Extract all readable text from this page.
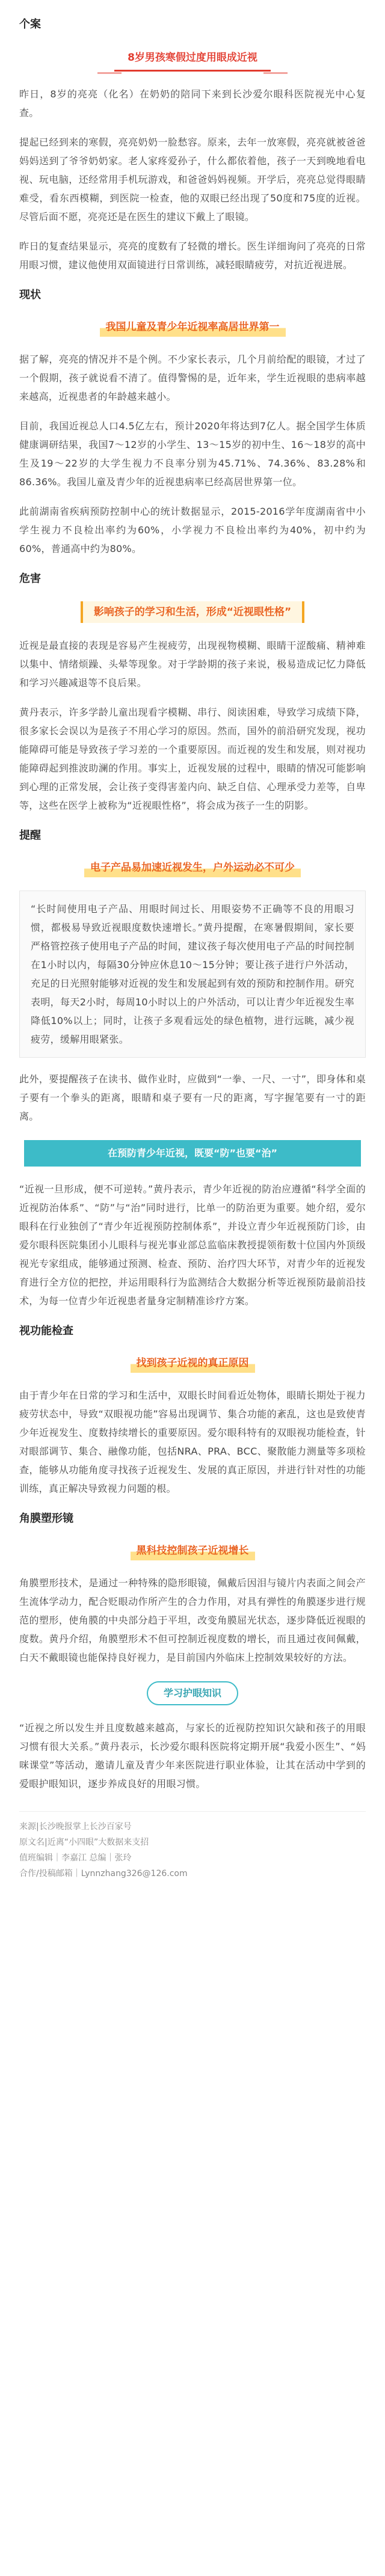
个案
8岁男孩寒假过度用眼成近视

昨日，8岁的亮亮（化名）在奶奶的陪同下来到长沙爱尔眼科医院视光中心复查。

提起已经到来的寒假，亮亮奶奶一脸愁容。原来，去年一放寒假，亮亮就被爸爸妈妈送到了爷爷奶奶家。老人家疼爱孙子，什么都依着他，孩子一天到晚地看电视、玩电脑，还经常用手机玩游戏，和爸爸妈妈视频。开学后，亮亮总觉得眼睛难受，看东西模糊，到医院一检查，他的双眼已经出现了50度和75度的近视。尽管后面不愿，亮亮还是在医生的建议下戴上了眼镜。

昨日的复查结果显示，亮亮的度数有了轻微的增长。医生详细询问了亮亮的日常用眼习惯，建议他使用双面镜进行日常训练，减轻眼睛疲劳，对抗近视进展。

现状
我国儿童及青少年近视率高居世界第一

据了解，亮亮的情况并不是个例。不少家长表示，几个月前给配的眼镜，才过了一个假期，孩子就说看不清了。值得警惕的是，近年来，学生近视眼的患病率越来越高，近视患者的年龄越来越小。

目前，我国近视总人口4.5亿左右，预计2020年将达到7亿人。据全国学生体质健康调研结果，我国7～12岁的小学生、13～15岁的初中生、16～18岁的高中生及19～22岁的大学生视力不良率分别为45.71%、74.36%、83.28%和86.36%。我国儿童及青少年的近视患病率已经高居世界第一位。

此前湖南省疾病预防控制中心的统计数据显示，2015-2016学年度湖南省中小学生视力不良检出率约为60%，小学视力不良检出率约为40%，初中约为60%，普通高中约为80%。

危害
影响孩子的学习和生活，形成“近视眼性格”

近视是最直接的表现是容易产生视疲劳，出现视物模糊、眼睛干涩酸痛、精神难以集中、情绪烦躁、头晕等现象。对于学龄期的孩子来说，极易造成记忆力降低和学习兴趣减退等不良后果。

黄丹表示，许多学龄儿童出现看字模糊、串行、阅读困难，导致学习成绩下降，很多家长会误以为是孩子不用心学习的原因。然而，国外的前沿研究发现，视功能障碍可能是导致孩子学习差的一个重要原因。而近视的发生和发展，则对视功能障碍起到推波助澜的作用。事实上，近视发展的过程中，眼睛的情况可能影响到心理的正常发展，会让孩子变得害羞内向、缺乏自信、心理承受力差等，自卑等，这些在医学上被称为“近视眼性格”，将会成为孩子一生的阴影。

提醒
电子产品易加速近视发生，户外运动必不可少

“长时间使用电子产品、用眼时间过长、用眼姿势不正确等不良的用眼习惯，都极易导致近视眼度数快速增长。”黄丹提醒，在寒暑假期间，家长要严格管控孩子使用电子产品的时间，建议孩子每次使用电子产品的时间控制在1小时以内，每隔30分钟应休息10～15分钟；要让孩子进行户外活动，充足的日光照射能够对近视的发生和发展起到有效的预防和控制作用。研究表明，每天2小时，每周10小时以上的户外活动，可以让青少年近视发生率降低10%以上；同时，让孩子多观看远处的绿色植物，进行远眺，减少视疲劳，缓解用眼紧张。

此外，要提醒孩子在读书、做作业时，应做到“一拳、一尺、一寸”，即身体和桌子要有一个拳头的距离，眼睛和桌子要有一尺的距离，写字握笔要有一寸的距离。

在预防青少年近视，既要“防”也要“治”

“近视一旦形成，便不可逆转。”黄丹表示，青少年近视的防治应遵循“科学全面的近视防治体系”、“防”与“治”同时进行，比单一的防治更为重要。她介绍，爱尔眼科在行业独创了“青少年近视预防控制体系”，并设立青少年近视预防门诊，由爱尔眼科医院集团小儿眼科与视光事业部总监临床教授提领衔数十位国内外顶级视光专家组成，能够通过预测、检查、预防、治疗四大环节，对青少年的近视发育进行全方位的把控，并运用眼科行为监测结合大数据分析等近视预防最前沿技术，为每一位青少年近视患者量身定制精准诊疗方案。

视功能检查
找到孩子近视的真正原因

由于青少年在日常的学习和生活中，双眼长时间看近处物体，眼睛长期处于视力疲劳状态中，导致“双眼视功能”容易出现调节、集合功能的紊乱，这也是致使青少年近视发生、度数持续增长的重要原因。爱尔眼科特有的双眼视功能检查，针对眼部调节、集合、融像功能，包括NRA、PRA、BCC、聚散能力测量等多项检查，能够从功能角度寻找孩子近视发生、发展的真正原因，并进行针对性的功能训练，真正解决导致视力问题的根。

角膜塑形镜
黑科技控制孩子近视增长

角膜塑形技术，是通过一种特殊的隐形眼镜，佩戴后因泪与镜片内表面之间会产生流体学动力，配合贬眼动作所产生的合力作用，对具有弹性的角膜逐步进行规范的塑形，使角膜的中央部分趋于平坦，改变角膜屈光状态，逐步降低近视眼的度数。黄丹介绍，角膜塑形术不但可控制近视度数的增长，而且通过夜间佩戴，白天不戴眼镜也能保持良好视力，是目前国内外临床上控制效果较好的方法。

学习护眼知识

“近视之所以发生并且度数越来越高，与家长的近视防控知识欠缺和孩子的用眼习惯有很大关系。”黄丹表示，长沙爱尔眼科医院将定期开展“我爱小医生”、“妈咪课堂”等活动，邀请儿童及青少年来医院进行职业体验，让其在活动中学到的爱眼护眼知识，逐步养成良好的用眼习惯。

来源|长沙晚报掌上长沙百家号
原文名|近离“小四眼”大数据来支招
值班编辑｜李嘉江 总编｜张玲
合作/投稿邮箱｜Lynnzhang326@126.com
